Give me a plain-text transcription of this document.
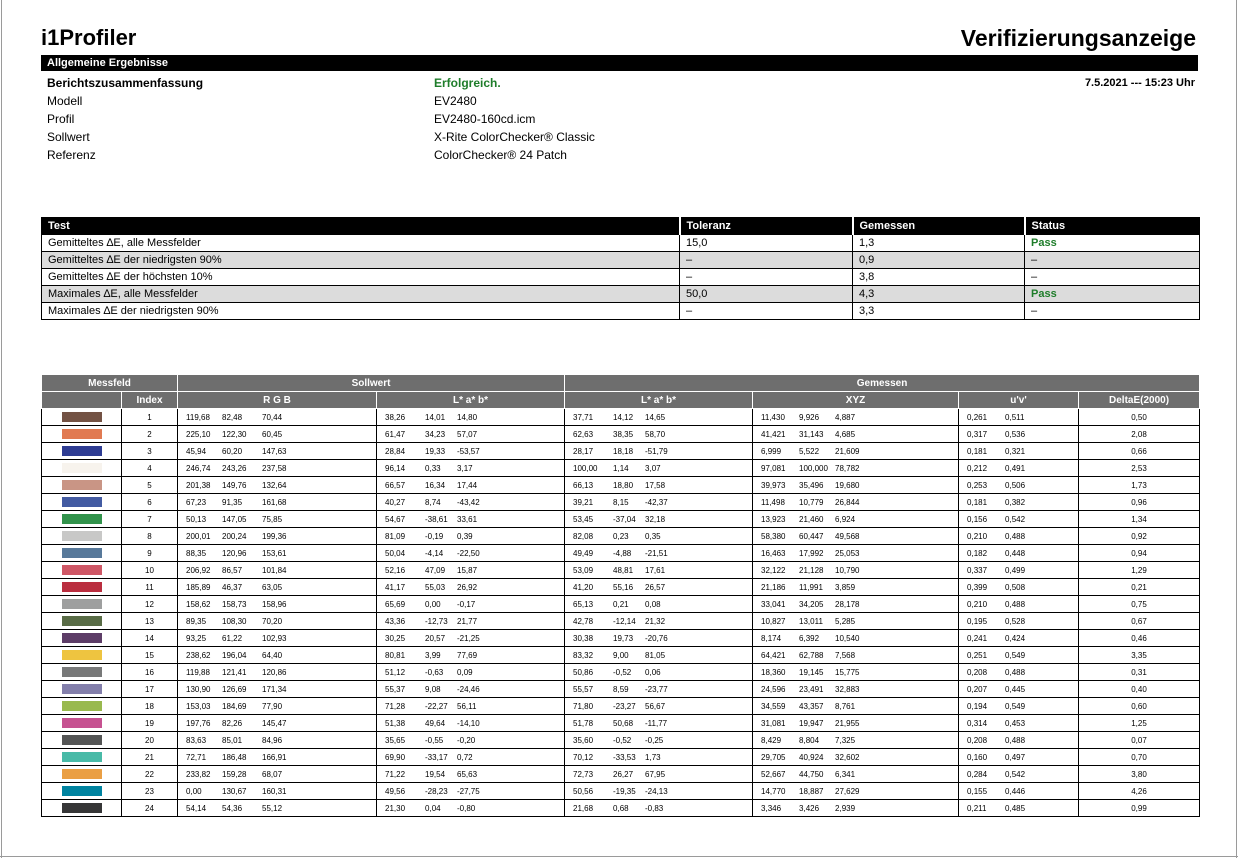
i1Profiler	Verifizierungsanzeige
Allgemeine Ergebnisse
Berichtszusammenfassung	Erfolgreich.	7.5.2021 --- 15:23 Uhr
Modell	EV2480
Profil	EV2480-160cd.icm
Sollwert	X-Rite ColorChecker® Classic
Referenz	ColorChecker® 24 Patch
Test	Toleranz	Gemessen	Status
Gemitteltes ∆E, alle Messfelder	15,0	1,3	Pass
Gemitteltes ∆E der niedrigsten 90%	–	0,9	–
Gemitteltes ∆E der höchsten 10%	–	3,8	–
Maximales ∆E, alle Messfelder	50,0	4,3	Pass
Maximales ∆E der niedrigsten 90%	–	3,3	–
Messfeld		Sollwert		Gemessen			
	Index	R G B	L* a* b*	L* a* b*	XYZ	u'v'	DeltaE(2000)
	1	119,68 82,48 70,44	38,26 14,01 14,80	37,71 14,12 14,65	11,430 9,926 4,887	0,261 0,511	0,50
	2	225,10 122,30 60,45	61,47 34,23 57,07	62,63 38,35 58,70	41,421 31,143 4,685	0,317 0,536	2,08
	3	45,94 60,20 147,63	28,84 19,33 -53,57	28,17 18,18 -51,79	6,999 5,522 21,609	0,181 0,321	0,66
	4	246,74 243,26 237,58	96,14 0,33 3,17	100,00 1,14 3,07	97,081 100,000 78,782	0,212 0,491	2,53
	5	201,38 149,76 132,64	66,57 16,34 17,44	66,13 18,80 17,58	39,973 35,496 19,680	0,253 0,506	1,73
	6	67,23 91,35 161,68	40,27 8,74 -43,42	39,21 8,15 -42,37	11,498 10,779 26,844	0,181 0,382	0,96
	7	50,13 147,05 75,85	54,67 -38,61 33,61	53,45 -37,04 32,18	13,923 21,460 6,924	0,156 0,542	1,34
	8	200,01 200,24 199,36	81,09 -0,19 0,39	82,08 0,23 0,35	58,380 60,447 49,568	0,210 0,488	0,92
	9	88,35 120,96 153,61	50,04 -4,14 -22,50	49,49 -4,88 -21,51	16,463 17,992 25,053	0,182 0,448	0,94
	10	206,92 86,57 101,84	52,16 47,09 15,87	53,09 48,81 17,61	32,122 21,128 10,790	0,337 0,499	1,29
	11	185,89 46,37 63,05	41,17 55,03 26,92	41,20 55,16 26,57	21,186 11,991 3,859	0,399 0,508	0,21
	12	158,62 158,73 158,96	65,69 0,00 -0,17	65,13 0,21 0,08	33,041 34,205 28,178	0,210 0,488	0,75
	13	89,35 108,30 70,20	43,36 -12,73 21,77	42,78 -12,14 21,32	10,827 13,011 5,285	0,195 0,528	0,67
	14	93,25 61,22 102,93	30,25 20,57 -21,25	30,38 19,73 -20,76	8,174 6,392 10,540	0,241 0,424	0,46
	15	238,62 196,04 64,40	80,81 3,99 77,69	83,32 9,00 81,05	64,421 62,788 7,568	0,251 0,549	3,35
	16	119,88 121,41 120,86	51,12 -0,63 0,09	50,86 -0,52 0,06	18,360 19,145 15,775	0,208 0,488	0,31
	17	130,90 126,69 171,34	55,37 9,08 -24,46	55,57 8,59 -23,77	24,596 23,491 32,883	0,207 0,445	0,40
	18	153,03 184,69 77,90	71,28 -22,27 56,11	71,80 -23,27 56,67	34,559 43,357 8,761	0,194 0,549	0,60
	19	197,76 82,26 145,47	51,38 49,64 -14,10	51,78 50,68 -11,77	31,081 19,947 21,955	0,314 0,453	1,25
	20	83,63 85,01 84,96	35,65 -0,55 -0,20	35,60 -0,52 -0,25	8,429 8,804 7,325	0,208 0,488	0,07
	21	72,71 186,48 166,91	69,90 -33,17 0,72	70,12 -33,53 1,73	29,705 40,924 32,602	0,160 0,497	0,70
	22	233,82 159,28 68,07	71,22 19,54 65,63	72,73 26,27 67,95	52,667 44,750 6,341	0,284 0,542	3,80
	23	0,00 130,67 160,31	49,56 -28,23 -27,75	50,56 -19,35 -24,13	14,770 18,887 27,629	0,155 0,446	4,26
	24	54,14 54,36 55,12	21,30 0,04 -0,80	21,68 0,68 -0,83	3,346 3,426 2,939	0,211 0,485	0,99
